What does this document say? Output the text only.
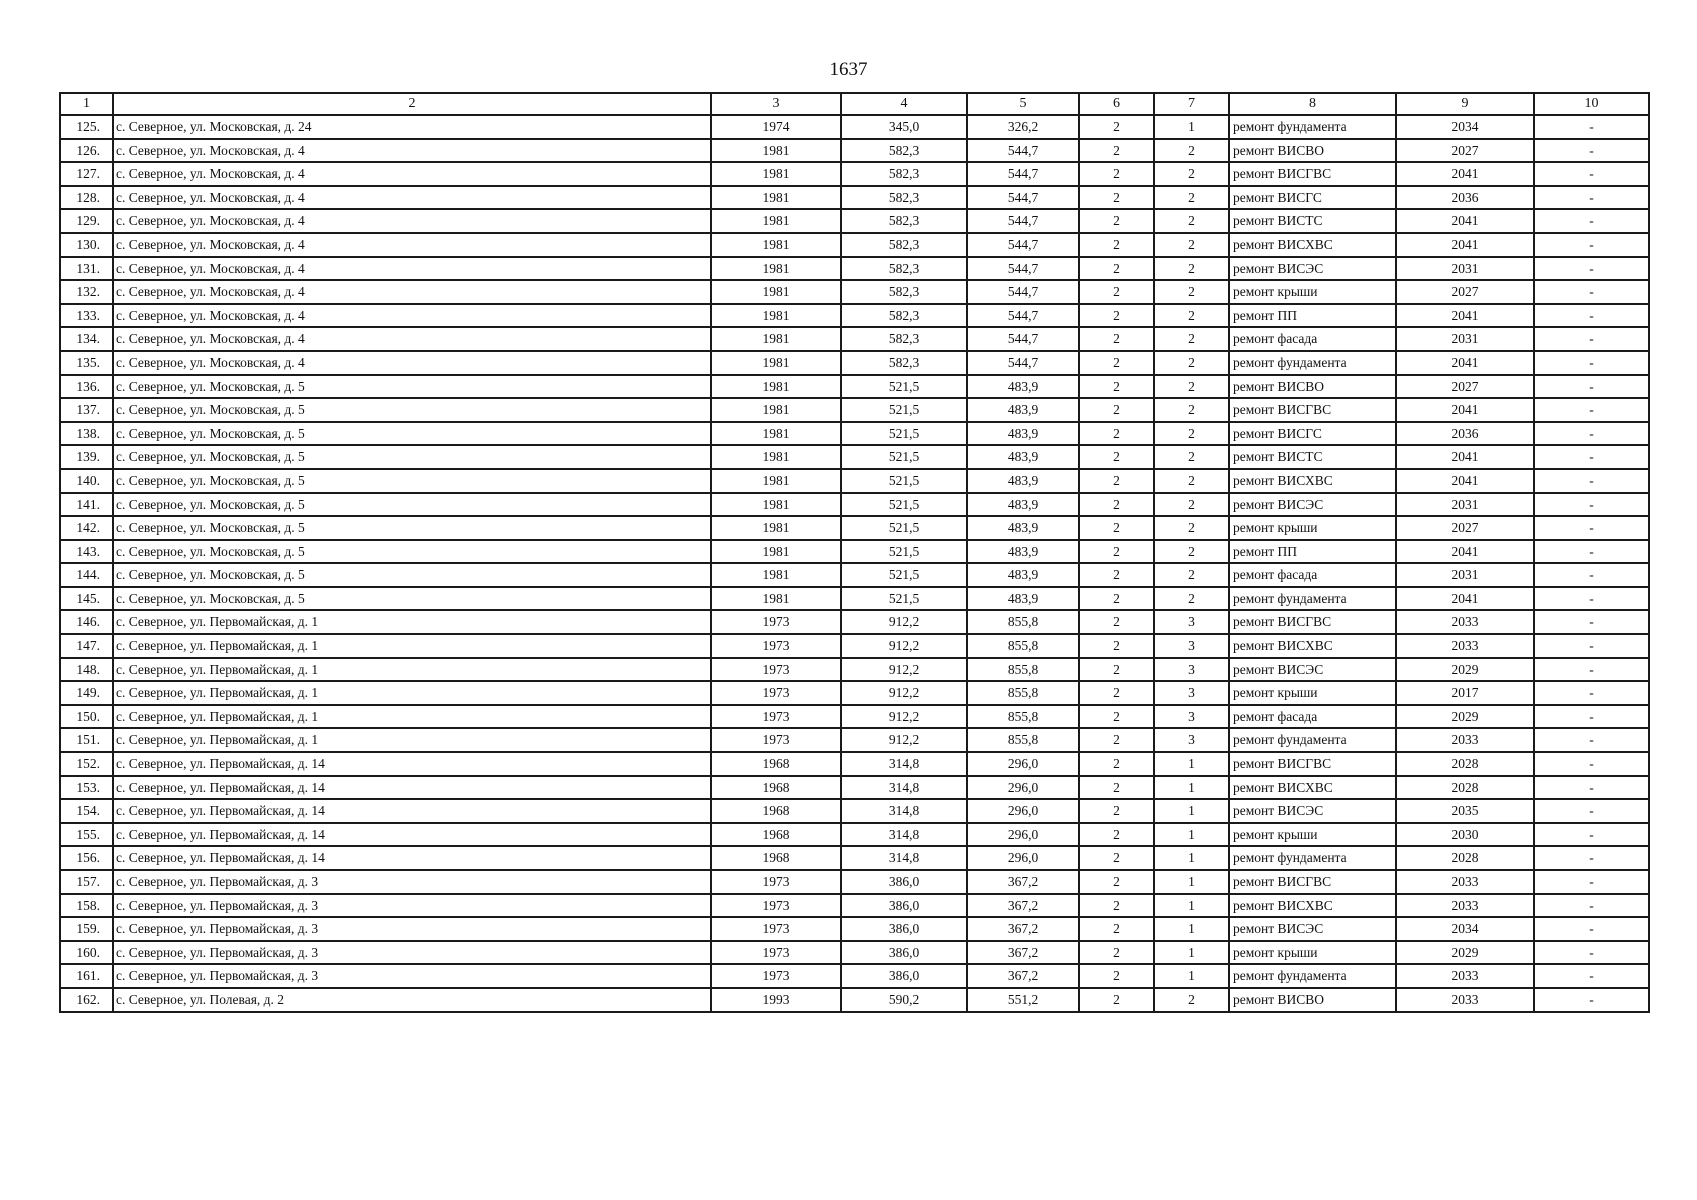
1637
1	2	3	4	5	6	7	8	9	10
125.	с. Северное, ул. Московская, д. 24	1974	345,0	326,2	2	1	ремонт фундамента	2034	-
126.	с. Северное, ул. Московская, д. 4	1981	582,3	544,7	2	2	ремонт ВИСВО	2027	-
127.	с. Северное, ул. Московская, д. 4	1981	582,3	544,7	2	2	ремонт ВИСГВС	2041	-
128.	с. Северное, ул. Московская, д. 4	1981	582,3	544,7	2	2	ремонт ВИСГС	2036	-
129.	с. Северное, ул. Московская, д. 4	1981	582,3	544,7	2	2	ремонт ВИСТС	2041	-
130.	с. Северное, ул. Московская, д. 4	1981	582,3	544,7	2	2	ремонт ВИСХВС	2041	-
131.	с. Северное, ул. Московская, д. 4	1981	582,3	544,7	2	2	ремонт ВИСЭС	2031	-
132.	с. Северное, ул. Московская, д. 4	1981	582,3	544,7	2	2	ремонт крыши	2027	-
133.	с. Северное, ул. Московская, д. 4	1981	582,3	544,7	2	2	ремонт ПП	2041	-
134.	с. Северное, ул. Московская, д. 4	1981	582,3	544,7	2	2	ремонт фасада	2031	-
135.	с. Северное, ул. Московская, д. 4	1981	582,3	544,7	2	2	ремонт фундамента	2041	-
136.	с. Северное, ул. Московская, д. 5	1981	521,5	483,9	2	2	ремонт ВИСВО	2027	-
137.	с. Северное, ул. Московская, д. 5	1981	521,5	483,9	2	2	ремонт ВИСГВС	2041	-
138.	с. Северное, ул. Московская, д. 5	1981	521,5	483,9	2	2	ремонт ВИСГС	2036	-
139.	с. Северное, ул. Московская, д. 5	1981	521,5	483,9	2	2	ремонт ВИСТС	2041	-
140.	с. Северное, ул. Московская, д. 5	1981	521,5	483,9	2	2	ремонт ВИСХВС	2041	-
141.	с. Северное, ул. Московская, д. 5	1981	521,5	483,9	2	2	ремонт ВИСЭС	2031	-
142.	с. Северное, ул. Московская, д. 5	1981	521,5	483,9	2	2	ремонт крыши	2027	-
143.	с. Северное, ул. Московская, д. 5	1981	521,5	483,9	2	2	ремонт ПП	2041	-
144.	с. Северное, ул. Московская, д. 5	1981	521,5	483,9	2	2	ремонт фасада	2031	-
145.	с. Северное, ул. Московская, д. 5	1981	521,5	483,9	2	2	ремонт фундамента	2041	-
146.	с. Северное, ул. Первомайская, д. 1	1973	912,2	855,8	2	3	ремонт ВИСГВС	2033	-
147.	с. Северное, ул. Первомайская, д. 1	1973	912,2	855,8	2	3	ремонт ВИСХВС	2033	-
148.	с. Северное, ул. Первомайская, д. 1	1973	912,2	855,8	2	3	ремонт ВИСЭС	2029	-
149.	с. Северное, ул. Первомайская, д. 1	1973	912,2	855,8	2	3	ремонт крыши	2017	-
150.	с. Северное, ул. Первомайская, д. 1	1973	912,2	855,8	2	3	ремонт фасада	2029	-
151.	с. Северное, ул. Первомайская, д. 1	1973	912,2	855,8	2	3	ремонт фундамента	2033	-
152.	с. Северное, ул. Первомайская, д. 14	1968	314,8	296,0	2	1	ремонт ВИСГВС	2028	-
153.	с. Северное, ул. Первомайская, д. 14	1968	314,8	296,0	2	1	ремонт ВИСХВС	2028	-
154.	с. Северное, ул. Первомайская, д. 14	1968	314,8	296,0	2	1	ремонт ВИСЭС	2035	-
155.	с. Северное, ул. Первомайская, д. 14	1968	314,8	296,0	2	1	ремонт крыши	2030	-
156.	с. Северное, ул. Первомайская, д. 14	1968	314,8	296,0	2	1	ремонт фундамента	2028	-
157.	с. Северное, ул. Первомайская, д. 3	1973	386,0	367,2	2	1	ремонт ВИСГВС	2033	-
158.	с. Северное, ул. Первомайская, д. 3	1973	386,0	367,2	2	1	ремонт ВИСХВС	2033	-
159.	с. Северное, ул. Первомайская, д. 3	1973	386,0	367,2	2	1	ремонт ВИСЭС	2034	-
160.	с. Северное, ул. Первомайская, д. 3	1973	386,0	367,2	2	1	ремонт крыши	2029	-
161.	с. Северное, ул. Первомайская, д. 3	1973	386,0	367,2	2	1	ремонт фундамента	2033	-
162.	с. Северное, ул. Полевая, д. 2	1993	590,2	551,2	2	2	ремонт ВИСВО	2033	-
